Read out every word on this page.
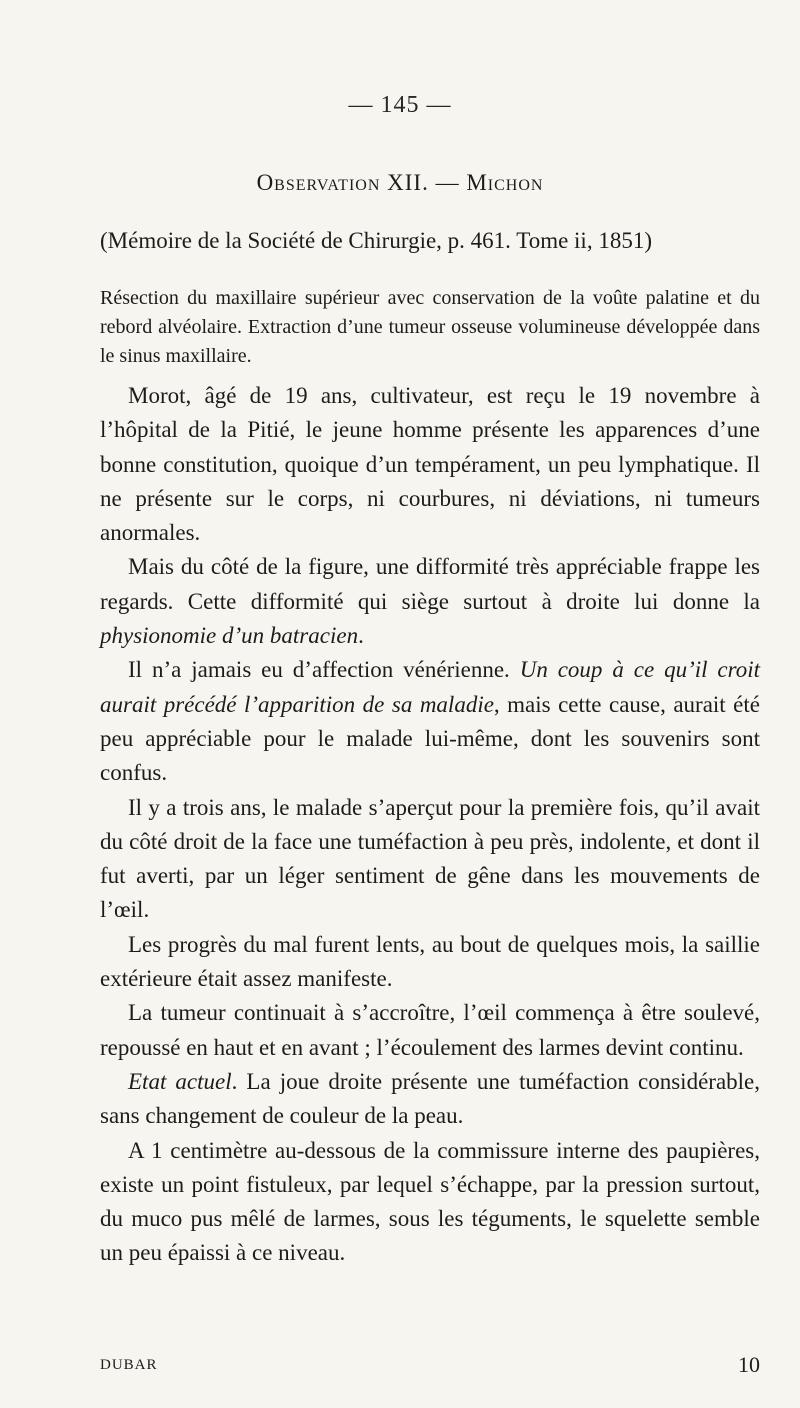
— 145 —
Observation XII. — Michon
(Mémoire de la Société de Chirurgie, p. 461. Tome ii, 1851)
Résection du maxillaire supérieur avec conservation de la voûte palatine et du rebord alvéolaire. Extraction d’une tumeur osseuse volumineuse développée dans le sinus maxillaire.

Morot, âgé de 19 ans, cultivateur, est reçu le 19 novembre à l’hôpital de la Pitié, le jeune homme présente les apparences d’une bonne constitution, quoique d’un tempérament, un peu lymphatique. Il ne présente sur le corps, ni courbures, ni déviations, ni tumeurs anormales.

Mais du côté de la figure, une difformité très appréciable frappe les regards. Cette difformité qui siège surtout à droite lui donne la physionomie d’un batracien.

Il n’a jamais eu d’affection vénérienne. Un coup à ce qu’il croit aurait précédé l’apparition de sa maladie, mais cette cause, aurait été peu appréciable pour le malade lui-même, dont les souvenirs sont confus.

Il y a trois ans, le malade s’aperçut pour la première fois, qu’il avait du côté droit de la face une tuméfaction à peu près, indolente, et dont il fut averti, par un léger sentiment de gêne dans les mouvements de l’œil.

Les progrès du mal furent lents, au bout de quelques mois, la saillie extérieure était assez manifeste.

La tumeur continuait à s’accroître, l’œil commença à être soulevé, repoussé en haut et en avant ; l’écoulement des larmes devint continu.

Etat actuel. La joue droite présente une tuméfaction considérable, sans changement de couleur de la peau.

A 1 centimètre au-dessous de la commissure interne des paupières, existe un point fistuleux, par lequel s’échappe, par la pression surtout, du muco pus mêlé de larmes, sous les téguments, le squelette semble un peu épaissi à ce niveau.

DUBAR	10
